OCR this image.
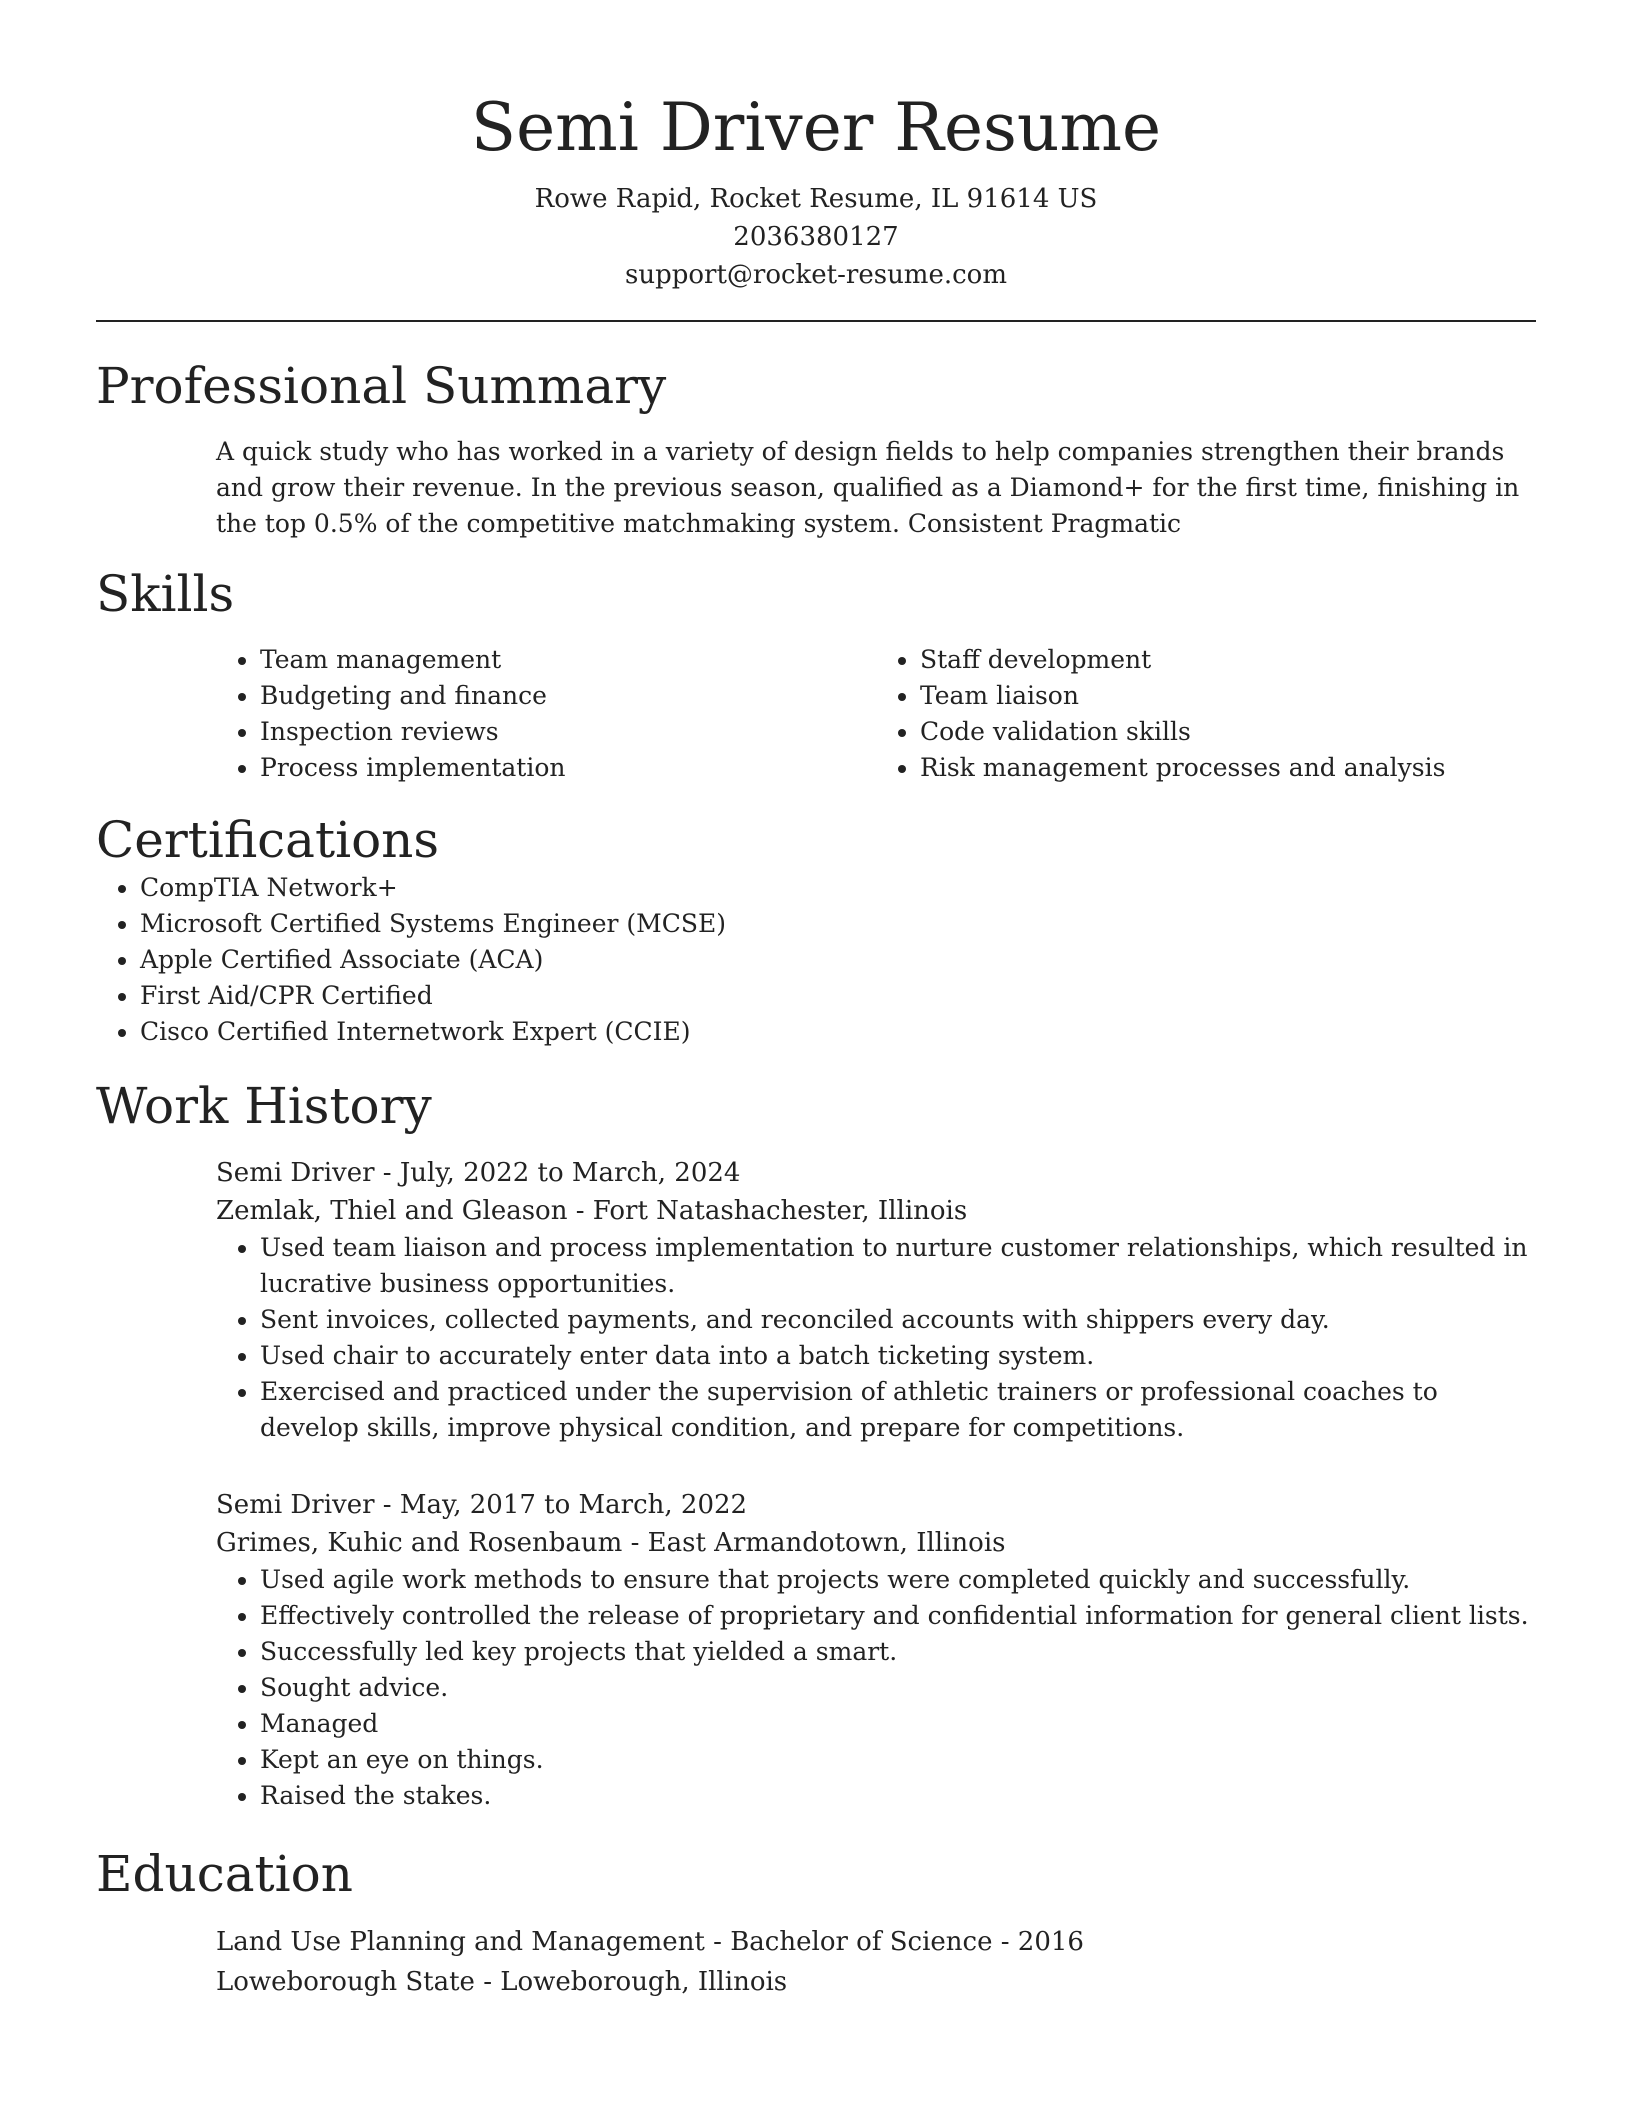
Semi Driver Resume
Rowe Rapid, Rocket Resume, IL 91614 US
2036380127
support@rocket-resume.com
Professional Summary

A quick study who has worked in a variety of design fields to help companies strengthen their brands and grow their revenue. In the previous season, qualified as a Diamond+ for the first time, finishing in the top 0.5% of the competitive matchmaking system. Consistent Pragmatic

Skills
• Team management
• Budgeting and finance
• Inspection reviews
• Process implementation
• Staff development
• Team liaison
• Code validation skills
• Risk management processes and analysis
Certifications
• CompTIA Network+
• Microsoft Certified Systems Engineer (MCSE)
• Apple Certified Associate (ACA)
• First Aid/CPR Certified
• Cisco Certified Internetwork Expert (CCIE)
Work History
Semi Driver - July, 2022 to March, 2024
Zemlak, Thiel and Gleason - Fort Natashachester, Illinois
• Used team liaison and process implementation to nurture customer relationships, which resulted in lucrative business opportunities.
• Sent invoices, collected payments, and reconciled accounts with shippers every day.
• Used chair to accurately enter data into a batch ticketing system.
• Exercised and practiced under the supervision of athletic trainers or professional coaches to develop skills, improve physical condition, and prepare for competitions.
Semi Driver - May, 2017 to March, 2022
Grimes, Kuhic and Rosenbaum - East Armandotown, Illinois
• Used agile work methods to ensure that projects were completed quickly and successfully.
• Effectively controlled the release of proprietary and confidential information for general client lists.
• Successfully led key projects that yielded a smart.
• Sought advice.
• Managed
• Kept an eye on things.
• Raised the stakes.
Education
Land Use Planning and Management - Bachelor of Science - 2016
Loweborough State - Loweborough, Illinois
